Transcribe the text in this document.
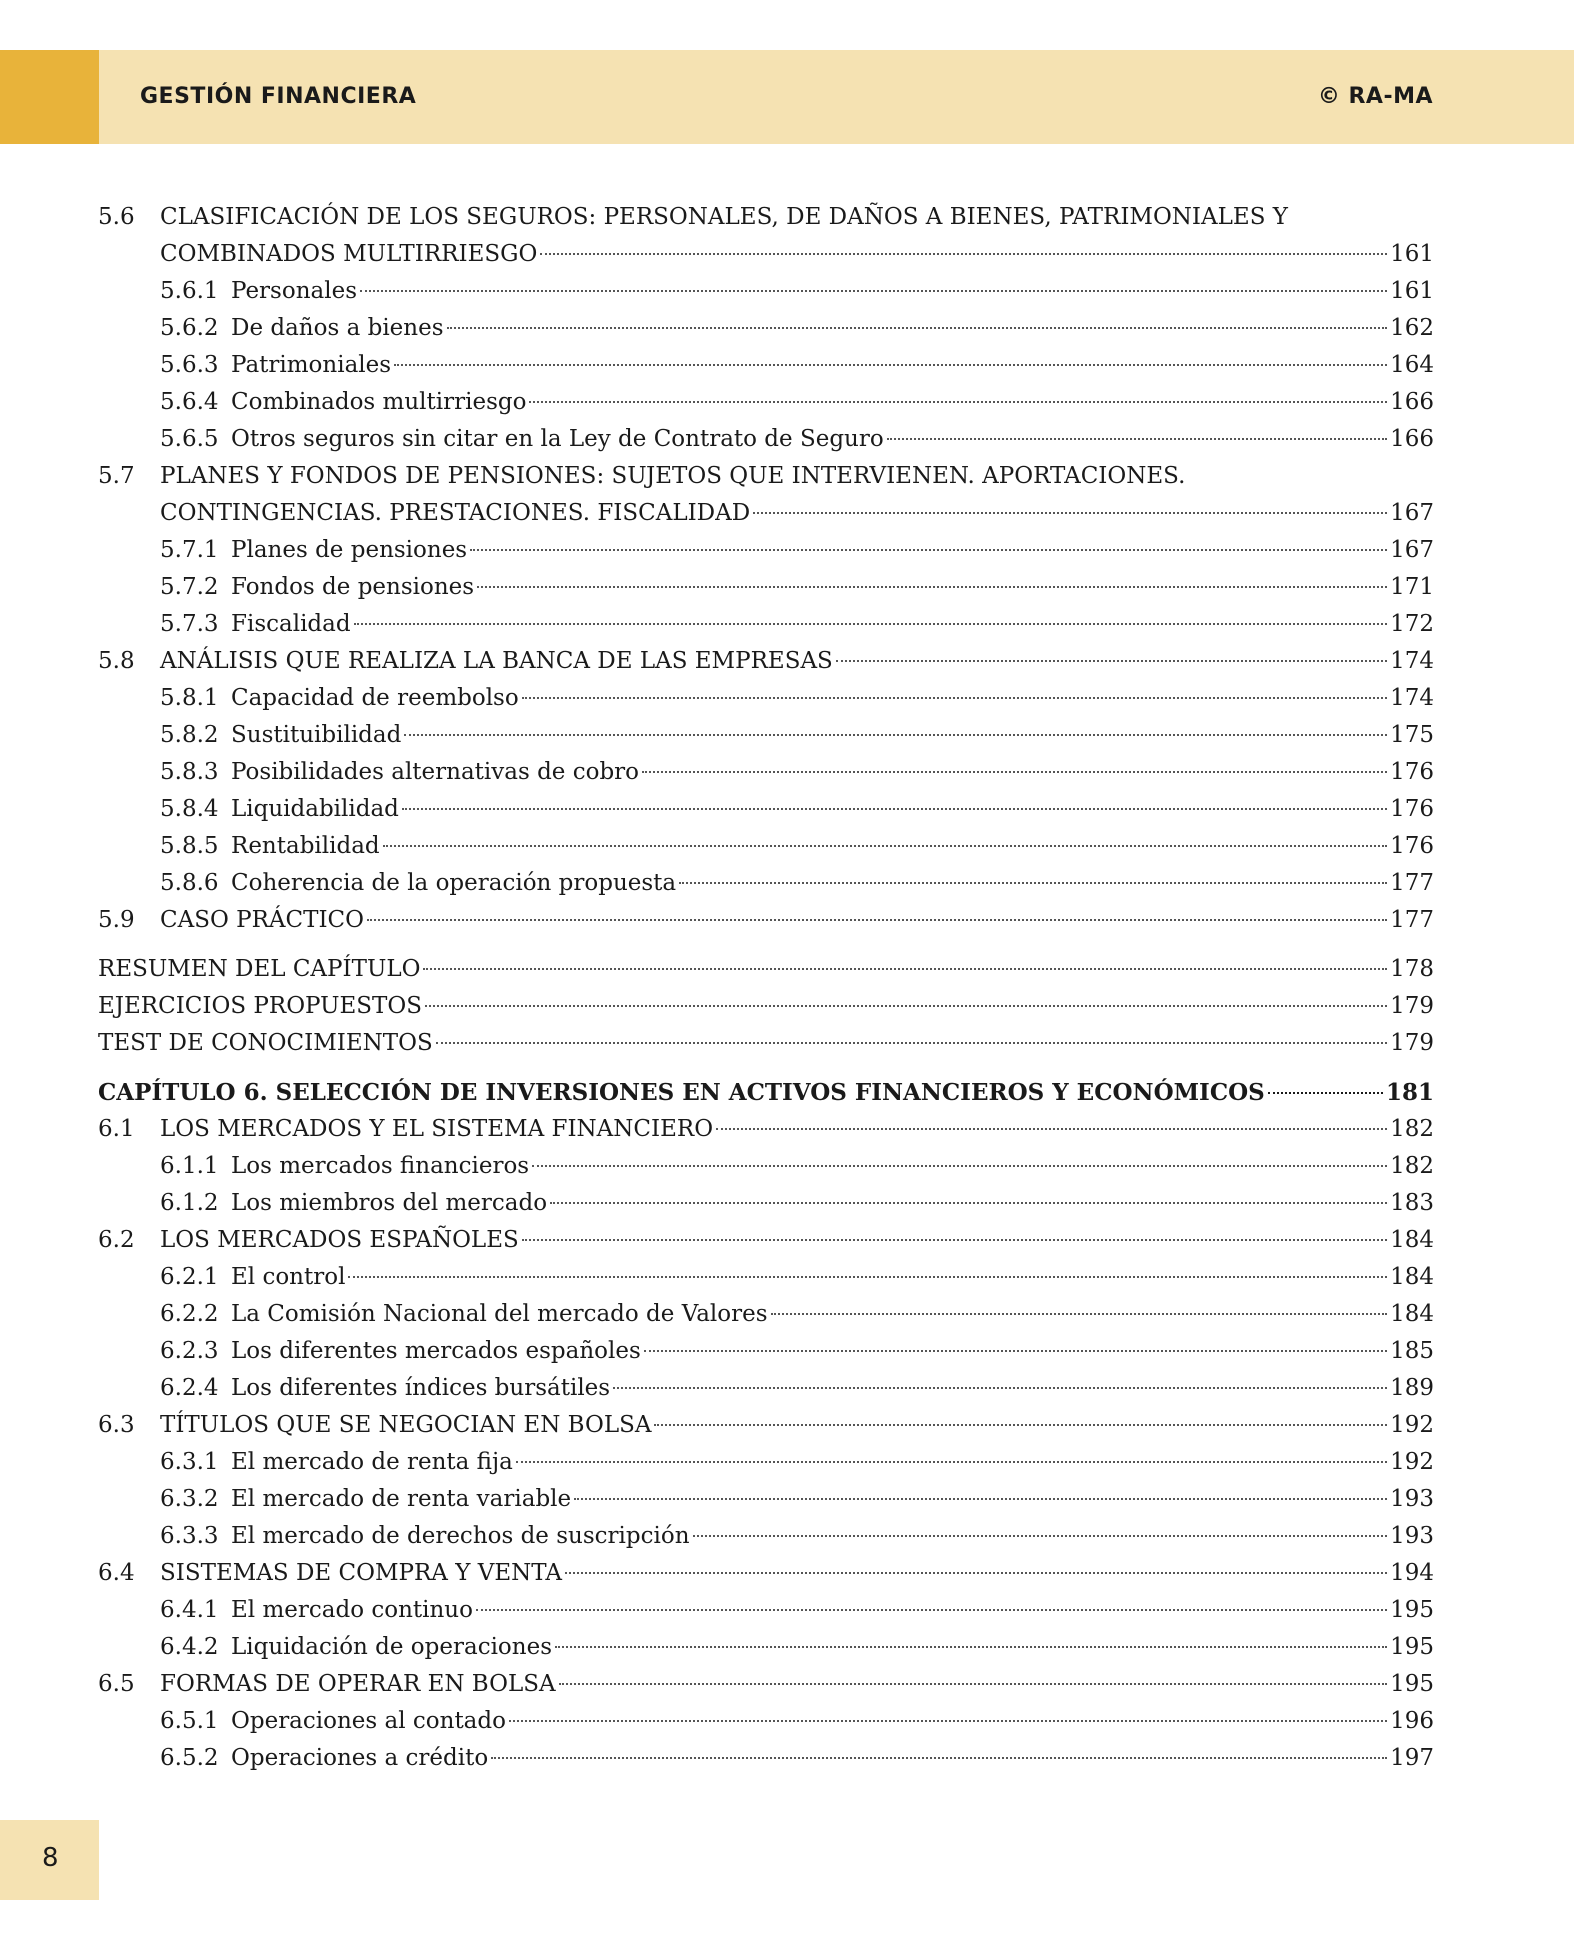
GESTIÓN FINANCIERA	© RA-MA
5.6	CLASIFICACIÓN DE LOS SEGUROS: PERSONALES, DE DAÑOS A BIENES, PATRIMONIALES Y
COMBINADOS MULTIRRIESGO	161
5.6.1 Personales	161
5.6.2 De daños a bienes	162
5.6.3 Patrimoniales	164
5.6.4 Combinados multirriesgo	166
5.6.5 Otros seguros sin citar en la Ley de Contrato de Seguro	166
5.7	PLANES Y FONDOS DE PENSIONES: SUJETOS QUE INTERVIENEN. APORTACIONES.
CONTINGENCIAS. PRESTACIONES. FISCALIDAD	167
5.7.1 Planes de pensiones	167
5.7.2 Fondos de pensiones	171
5.7.3 Fiscalidad	172
5.8	ANÁLISIS QUE REALIZA LA BANCA DE LAS EMPRESAS	174
5.8.1 Capacidad de reembolso	174
5.8.2 Sustituibilidad	175
5.8.3 Posibilidades alternativas de cobro	176
5.8.4 Liquidabilidad	176
5.8.5 Rentabilidad	176
5.8.6 Coherencia de la operación propuesta	177
5.9	CASO PRÁCTICO	177
RESUMEN DEL CAPÍTULO	178
EJERCICIOS PROPUESTOS	179
TEST DE CONOCIMIENTOS	179
CAPÍTULO 6. SELECCIÓN DE INVERSIONES EN ACTIVOS FINANCIEROS Y ECONÓMICOS	181
6.1	LOS MERCADOS Y EL SISTEMA FINANCIERO	182
6.1.1 Los mercados financieros	182
6.1.2 Los miembros del mercado	183
6.2	LOS MERCADOS ESPAÑOLES	184
6.2.1 El control	184
6.2.2 La Comisión Nacional del mercado de Valores	184
6.2.3 Los diferentes mercados españoles	185
6.2.4 Los diferentes índices bursátiles	189
6.3	TÍTULOS QUE SE NEGOCIAN EN BOLSA	192
6.3.1 El mercado de renta fija	192
6.3.2 El mercado de renta variable	193
6.3.3 El mercado de derechos de suscripción	193
6.4	SISTEMAS DE COMPRA Y VENTA	194
6.4.1 El mercado continuo	195
6.4.2 Liquidación de operaciones	195
6.5	FORMAS DE OPERAR EN BOLSA	195
6.5.1 Operaciones al contado	196
6.5.2 Operaciones a crédito	197
8
